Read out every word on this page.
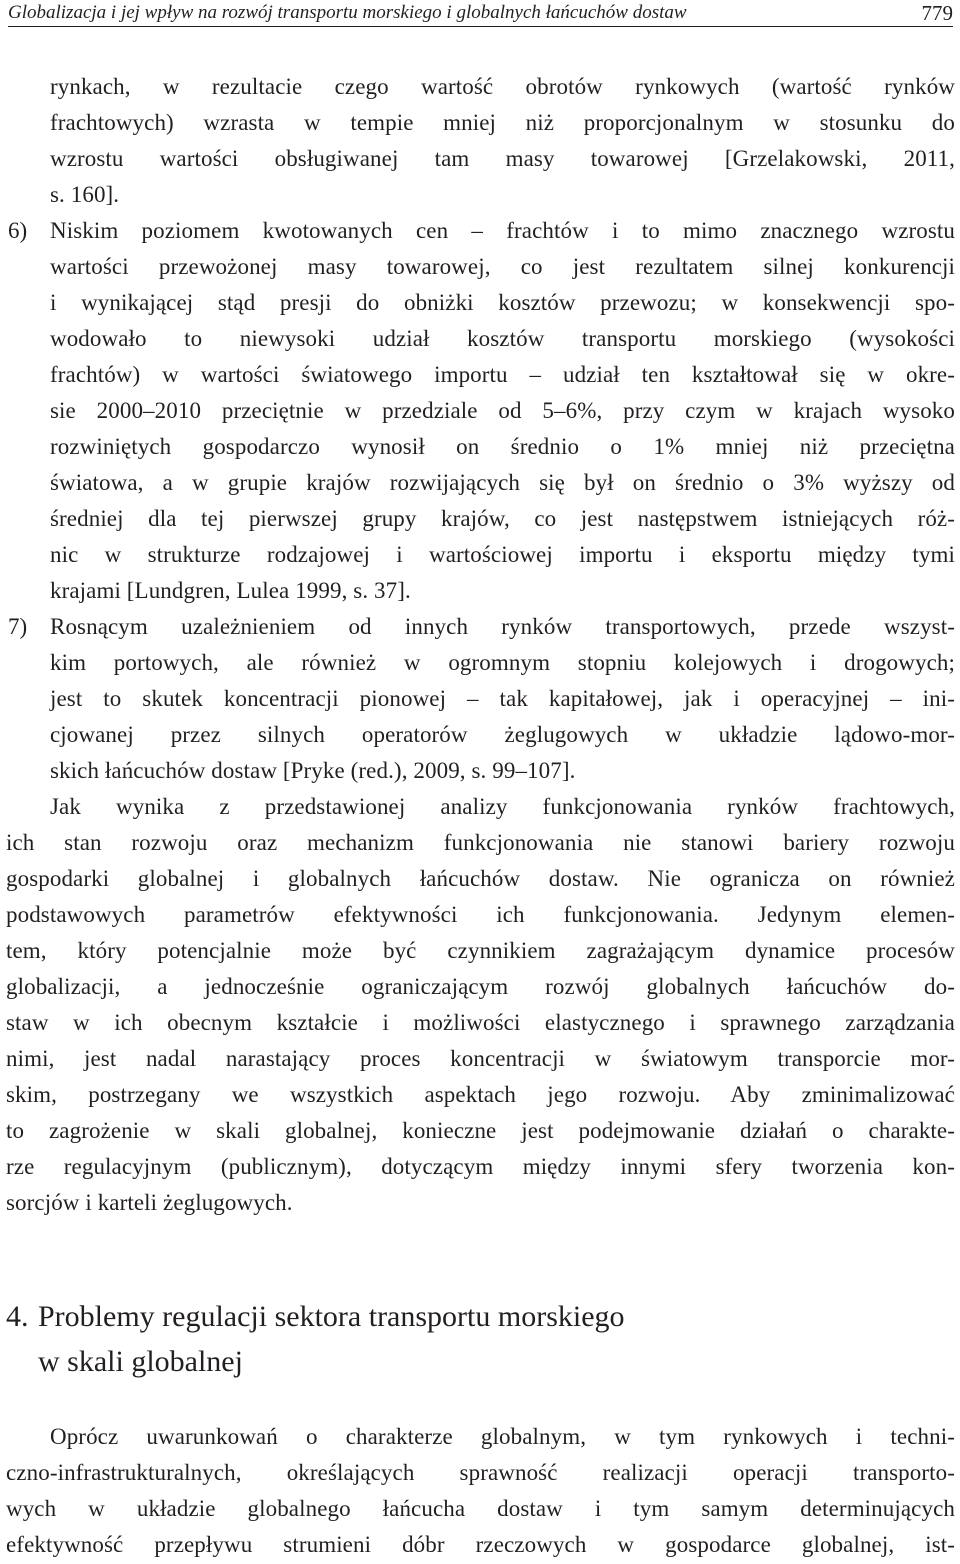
Globalizacja i jej wpływ na rozwój transportu morskiego i globalnych łańcuchów dostaw	779
rynkach, w rezultacie czego wartość obrotów rynkowych (wartość rynków
frachtowych) wzrasta w tempie mniej niż proporcjonalnym w stosunku do
wzrostu wartości obsługiwanej tam masy towarowej [Grzelakowski, 2011,
s. 160].
6) Niskim poziomem kwotowanych cen – frachtów i to mimo znacznego wzrostu
wartości przewożonej masy towarowej, co jest rezultatem silnej konkurencji
i wynikającej stąd presji do obniżki kosztów przewozu; w konsekwencji spo-
wodowało to niewysoki udział kosztów transportu morskiego (wysokości
frachtów) w wartości światowego importu – udział ten kształtował się w okre-
sie 2000–2010 przeciętnie w przedziale od 5–6%, przy czym w krajach wysoko
rozwiniętych gospodarczo wynosił on średnio o 1% mniej niż przeciętna
światowa, a w grupie krajów rozwijających się był on średnio o 3% wyższy od
średniej dla tej pierwszej grupy krajów, co jest następstwem istniejących róż-
nic w strukturze rodzajowej i wartościowej importu i eksportu między tymi
krajami [Lundgren, Lulea 1999, s. 37].
7) Rosnącym uzależnieniem od innych rynków transportowych, przede wszyst-
kim portowych, ale również w ogromnym stopniu kolejowych i drogowych;
jest to skutek koncentracji pionowej – tak kapitałowej, jak i operacyjnej – ini-
cjowanej przez silnych operatorów żeglugowych w układzie lądowo-mor-
skich łańcuchów dostaw [Pryke (red.), 2009, s. 99–107].
Jak wynika z przedstawionej analizy funkcjonowania rynków frachtowych,
ich stan rozwoju oraz mechanizm funkcjonowania nie stanowi bariery rozwoju
gospodarki globalnej i globalnych łańcuchów dostaw. Nie ogranicza on również
podstawowych parametrów efektywności ich funkcjonowania. Jedynym elemen-
tem, który potencjalnie może być czynnikiem zagrażającym dynamice procesów
globalizacji, a jednocześnie ograniczającym rozwój globalnych łańcuchów do-
staw w ich obecnym kształcie i możliwości elastycznego i sprawnego zarządzania
nimi, jest nadal narastający proces koncentracji w światowym transporcie mor-
skim, postrzegany we wszystkich aspektach jego rozwoju. Aby zminimalizować
to zagrożenie w skali globalnej, konieczne jest podejmowanie działań o charakte-
rze regulacyjnym (publicznym), dotyczącym między innymi sfery tworzenia kon-
sorcjów i karteli żeglugowych.
4. Problemy regulacji sektora transportu morskiego
w skali globalnej
Oprócz uwarunkowań o charakterze globalnym, w tym rynkowych i techni-
czno-infrastrukturalnych, określających sprawność realizacji operacji transporto-
wych w układzie globalnego łańcucha dostaw i tym samym determinujących
efektywność przepływu strumieni dóbr rzeczowych w gospodarce globalnej, ist-
